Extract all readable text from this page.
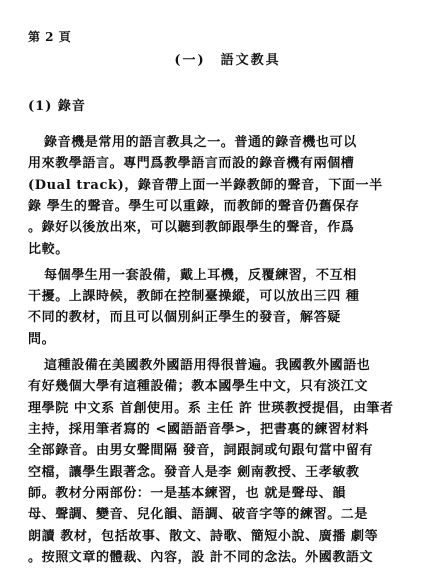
第 2 頁
(一)　語文教具
(1) 錄音
錄音機是常用的語言教具之一。普通的錄音機也可以
用來教學語言。專門爲教學語言而設的錄音機有兩個槽
(Dual track)，錄音帶上面一半錄教師的聲音，下面一半
錄 學生的聲音。學生可以重錄，而教師的聲音仍舊保存
。錄好以後放出來，可以聽到教師跟學生的聲音，作爲
比較。
每個學生用一套設備，戴上耳機，反覆練習，不互相
干擾。上課時候，教師在控制臺操縱，可以放出三四 種
不同的教材，而且可以個別糾正學生的發音，解答疑
問。
這種設備在美國教外國語用得很普遍。我國教外國語也
有好幾個大學有這種設備；教本國學生中文，只有淡江文
理學院 中文系 首創使用。系 主任 許 世瑛教授提倡，由筆者
主持，採用筆者寫的 <國語語音學>，把書裏的練習材料
全部錄音。由男女聲間隔 發音，詞跟詞或句跟句當中留有
空檔，讓學生跟著念。發音人是李 劍南教授、王孝敏教
師。教材分兩部份：一是基本練習，也 就是聲母、韻
母、聲調、變音、兒化韻、語調、破音字等的練習。二是
朗讀 教材，包括故事、散文、詩歌、簡短小說、廣播 劇等
。按照文章的體裁、內容，設 計不同的念法。外國教語文
